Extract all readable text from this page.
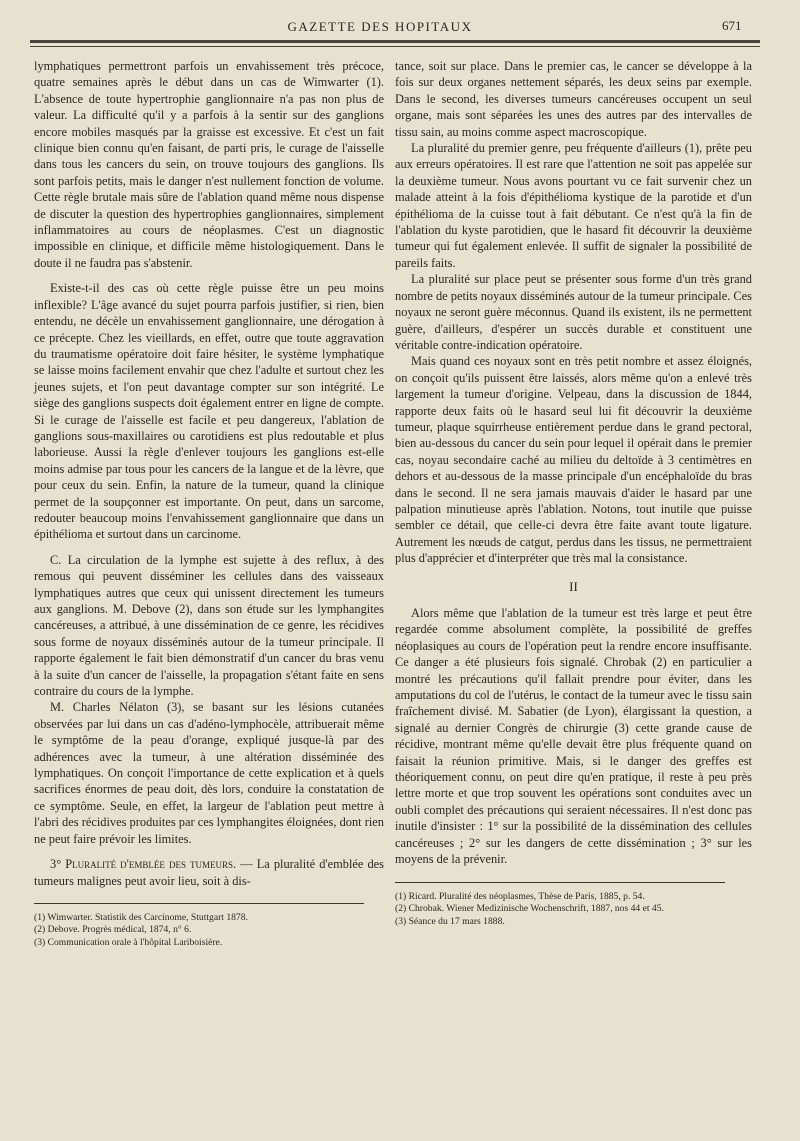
GAZETTE DES HOPITAUX	671

lymphatiques permettront parfois un envahissement très précoce, quatre semaines après le début dans un cas de Wimwarter (1). L'absence de toute hypertrophie ganglionnaire n'a pas non plus de valeur. La difficulté qu'il y a parfois à la sentir sur des ganglions encore mobiles masqués par la graisse est excessive. Et c'est un fait clinique bien connu qu'en faisant, de parti pris, le curage de l'aisselle dans tous les cancers du sein, on trouve toujours des ganglions. Ils sont parfois petits, mais le danger n'est nullement fonction de volume. Cette règle brutale mais sûre de l'ablation quand même nous dispense de discuter la question des hypertrophies ganglionnaires, simplement inflammatoires au cours de néoplasmes. C'est un diagnostic impossible en clinique, et difficile même histologiquement. Dans le doute il ne faudra pas s'abstenir.

Existe-t-il des cas où cette règle puisse être un peu moins inflexible? L'âge avancé du sujet pourra parfois justifier, si rien, bien entendu, ne décèle un envahissement ganglionnaire, une dérogation à ce précepte. Chez les vieillards, en effet, outre que toute aggravation du traumatisme opératoire doit faire hésiter, le système lymphatique se laisse moins facilement envahir que chez l'adulte et surtout chez les jeunes sujets, et l'on peut davantage compter sur son intégrité. Le siège des ganglions suspects doit également entrer en ligne de compte. Si le curage de l'aisselle est facile et peu dangereux, l'ablation de ganglions sous-maxillaires ou carotidiens est plus redoutable et plus laborieuse. Aussi la règle d'enlever toujours les ganglions est-elle moins admise par tous pour les cancers de la langue et de la lèvre, que pour ceux du sein. Enfin, la nature de la tumeur, quand la clinique permet de la soupçonner est importante. On peut, dans un sarcome, redouter beaucoup moins l'envahissement ganglionnaire que dans un épithélioma et surtout dans un carcinome.

C. La circulation de la lymphe est sujette à des reflux, à des remous qui peuvent disséminer les cellules dans des vaisseaux lymphatiques autres que ceux qui unissent directement les tumeurs aux ganglions. M. Debove (2), dans son étude sur les lymphangites cancéreuses, a attribué, à une dissémination de ce genre, les récidives sous forme de noyaux disséminés autour de la tumeur principale. Il rapporte également le fait bien démonstratif d'un cancer du bras venu à la suite d'un cancer de l'aisselle, la propagation s'étant faite en sens contraire du cours de la lymphe.

M. Charles Nélaton (3), se basant sur les lésions cutanées observées par lui dans un cas d'adéno-lymphocèle, attribuerait même le symptôme de la peau d'orange, expliqué jusque-là par des adhérences avec la tumeur, à une altération disséminée des lymphatiques. On conçoit l'importance de cette explication et à quels sacrifices énormes de peau doit, dès lors, conduire la constatation de ce symptôme. Seule, en effet, la largeur de l'ablation peut mettre à l'abri des récidives produites par ces lymphangites éloignées, dont rien ne peut faire prévoir les limites.

3° Pluralité d'emblée des tumeurs. — La pluralité d'emblée des tumeurs malignes peut avoir lieu, soit à dis-

(1) Wimwarter. Statistik des Carcinome, Stuttgart 1878.
(2) Debove. Progrès médical, 1874, n° 6.
(3) Communication orale à l'hôpital Lariboisière.

tance, soit sur place. Dans le premier cas, le cancer se développe à la fois sur deux organes nettement séparés, les deux seins par exemple. Dans le second, les diverses tumeurs cancéreuses occupent un seul organe, mais sont séparées les unes des autres par des intervalles de tissu sain, au moins comme aspect macroscopique.

La pluralité du premier genre, peu fréquente d'ailleurs (1), prête peu aux erreurs opératoires. Il est rare que l'attention ne soit pas appelée sur la deuxième tumeur. Nous avons pourtant vu ce fait survenir chez un malade atteint à la fois d'épithélioma kystique de la parotide et d'un épithélioma de la cuisse tout à fait débutant. Ce n'est qu'à la fin de l'ablation du kyste parotidien, que le hasard fit découvrir la deuxième tumeur qui fut également enlevée. Il suffit de signaler la possibilité de pareils faits.

La pluralité sur place peut se présenter sous forme d'un très grand nombre de petits noyaux disséminés autour de la tumeur principale. Ces noyaux ne seront guère méconnus. Quand ils existent, ils ne permettent guère, d'ailleurs, d'espérer un succès durable et constituent une véritable contre-indication opératoire.

Mais quand ces noyaux sont en très petit nombre et assez éloignés, on conçoit qu'ils puissent être laissés, alors même qu'on a enlevé très largement la tumeur d'origine. Velpeau, dans la discussion de 1844, rapporte deux faits où le hasard seul lui fit découvrir la deuxième tumeur, plaque squirrheuse entièrement perdue dans le grand pectoral, bien au-dessous du cancer du sein pour lequel il opérait dans le premier cas, noyau secondaire caché au milieu du deltoïde à 3 centimètres en dehors et au-dessous de la masse principale d'un encéphaloïde du bras dans le second. Il ne sera jamais mauvais d'aider le hasard par une palpation minutieuse après l'ablation. Notons, tout inutile que puisse sembler ce détail, que celle-ci devra être faite avant toute ligature. Autrement les nœuds de catgut, perdus dans les tissus, ne permettraient plus d'apprécier et d'interpréter que très mal la consistance.

II

Alors même que l'ablation de la tumeur est très large et peut être regardée comme absolument complète, la possibilité de greffes néoplasiques au cours de l'opération peut la rendre encore insuffisante. Ce danger a été plusieurs fois signalé. Chrobak (2) en particulier a montré les précautions qu'il fallait prendre pour éviter, dans les amputations du col de l'utérus, le contact de la tumeur avec le tissu sain fraîchement divisé. M. Sabatier (de Lyon), élargissant la question, a signalé au dernier Congrès de chirurgie (3) cette grande cause de récidive, montrant même qu'elle devait être plus fréquente quand on faisait la réunion primitive. Mais, si le danger des greffes est théoriquement connu, on peut dire qu'en pratique, il reste à peu près lettre morte et que trop souvent les opérations sont conduites avec un oubli complet des précautions qui seraient nécessaires. Il n'est donc pas inutile d'insister : 1° sur la possibilité de la dissémination des cellules cancéreuses ; 2° sur les dangers de cette dissémination ; 3° sur les moyens de la prévenir.

(1) Ricard. Pluralité des néoplasmes, Thèse de Paris, 1885, p. 54.
(2) Chrobak. Wiener Medizinische Wochenschrift, 1887, nos 44 et 45.
(3) Séance du 17 mars 1888.
